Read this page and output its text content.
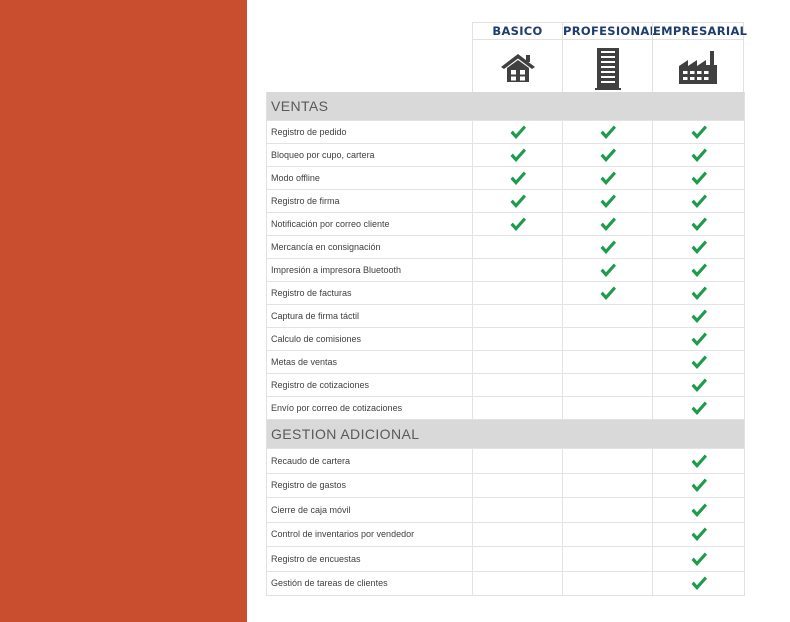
BASICO	PROFESIONAL
EMPRESARIAL
VENTAS
Registro de pedido
Bloqueo por cupo, cartera
Modo offline
Registro de firma
Notificación por correo cliente
Mercancía en consignación
Impresión a impresora Bluetooth
Registro de facturas
Captura de firma táctil
Calculo de comisiones
Metas de ventas
Registro de cotizaciones
Envío por correo de cotizaciones
GESTION ADICIONAL
Recaudo de cartera
Registro de gastos
Cierre de caja móvil
Control de inventarios por vendedor
Registro de encuestas
Gestión de tareas de clientes
